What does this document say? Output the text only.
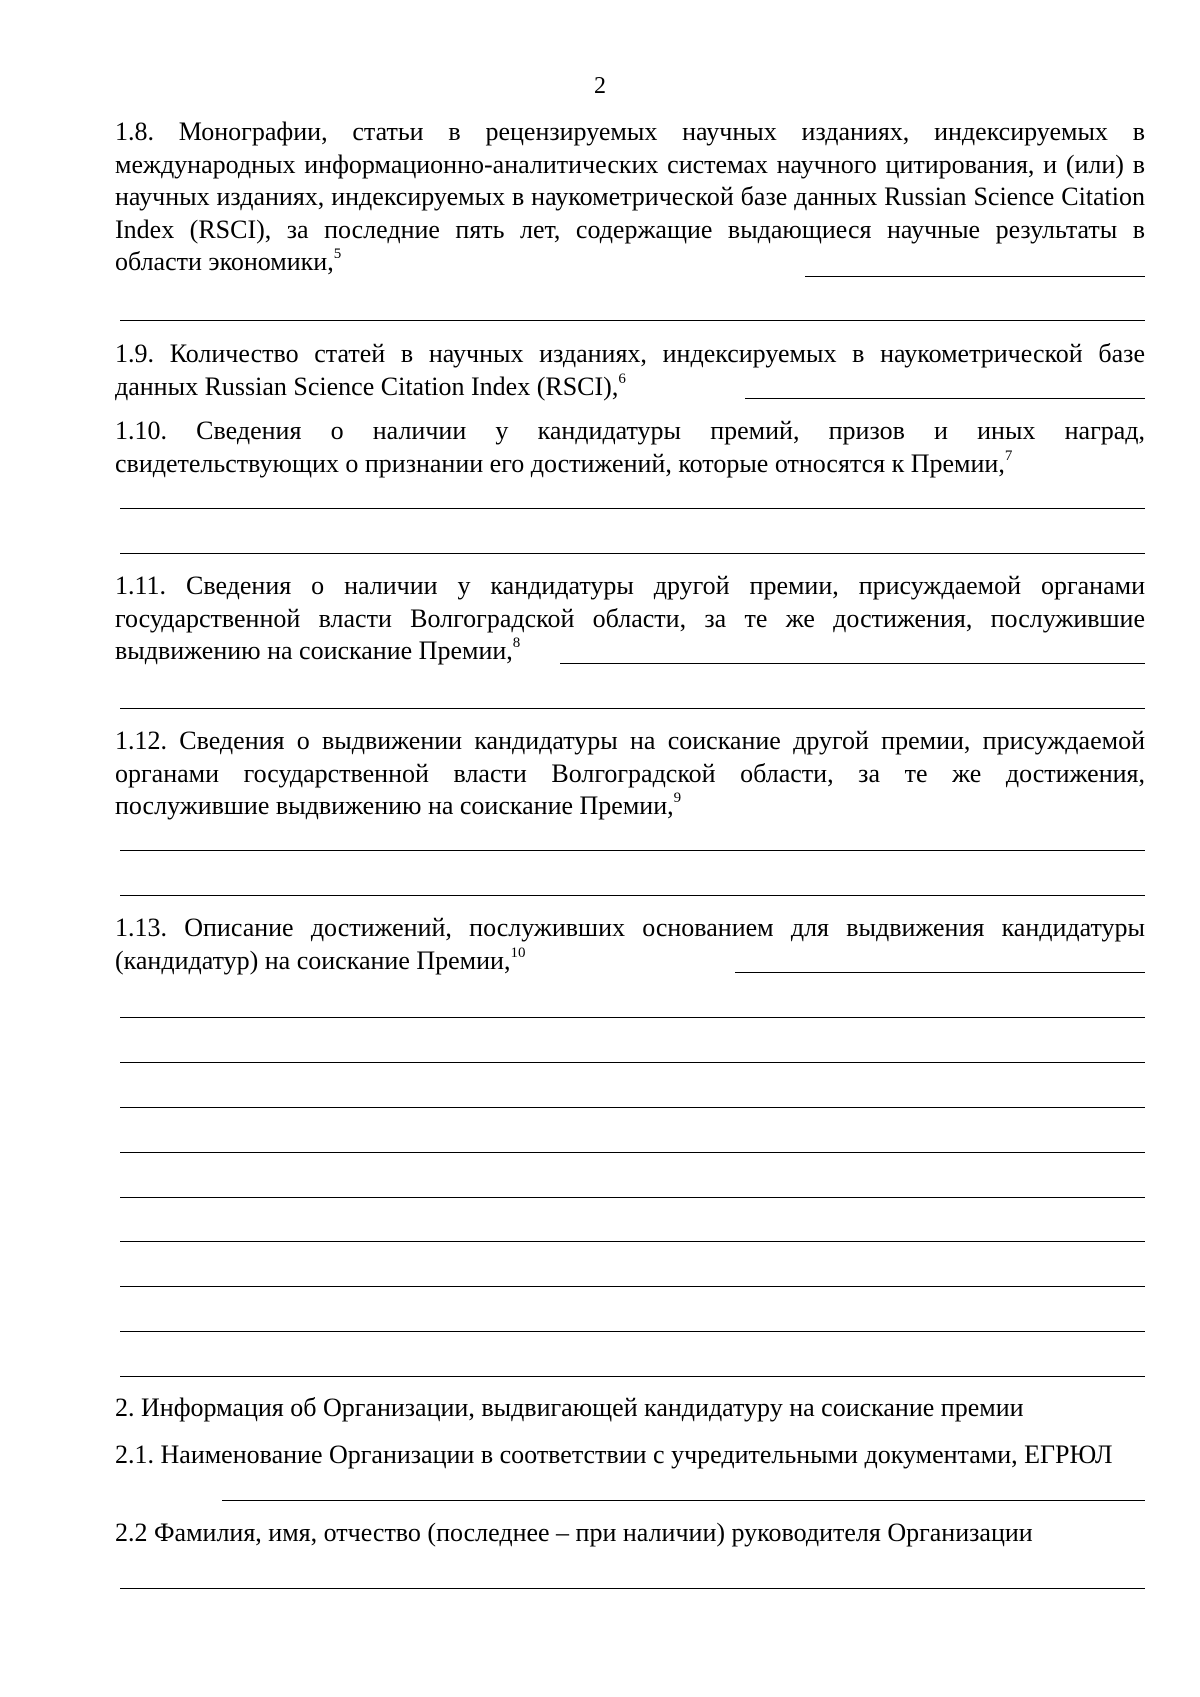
2
1.8. Монографии, статьи в рецензируемых научных изданиях, индексируемых в международных информационно-аналитических системах научного цитирования, и (или) в научных изданиях, индексируемых в наукометрической базе данных Russian Science Citation Index (RSCI), за последние пять лет, содержащие выдающиеся научные результаты в области экономики,$^5$
1.9. Количество статей в научных изданиях, индексируемых в наукометрической базе данных Russian Science Citation Index (RSCI),$^6$
1.10. Сведения о наличии у кандидатуры премий, призов и иных наград, свидетельствующих о признании его достижений, которые относятся к Премии,$^7$
1.11. Сведения о наличии у кандидатуры другой премии, присуждаемой органами государственной власти Волгоградской области, за те же достижения, послужившие выдвижению на соискание Премии,$^8$
1.12. Сведения о выдвижении кандидатуры на соискание другой премии, присуждаемой органами государственной власти Волгоградской области, за те же достижения, послужившие выдвижению на соискание Премии,$^9$
1.13. Описание достижений, послуживших основанием для выдвижения кандидатуры (кандидатур) на соискание Премии,$^{10}$
2. Информация об Организации, выдвигающей кандидатуру на соискание премии
2.1. Наименование Организации в соответствии с учредительными документами, ЕГРЮЛ
2.2 Фамилия, имя, отчество (последнее – при наличии) руководителя Организации
